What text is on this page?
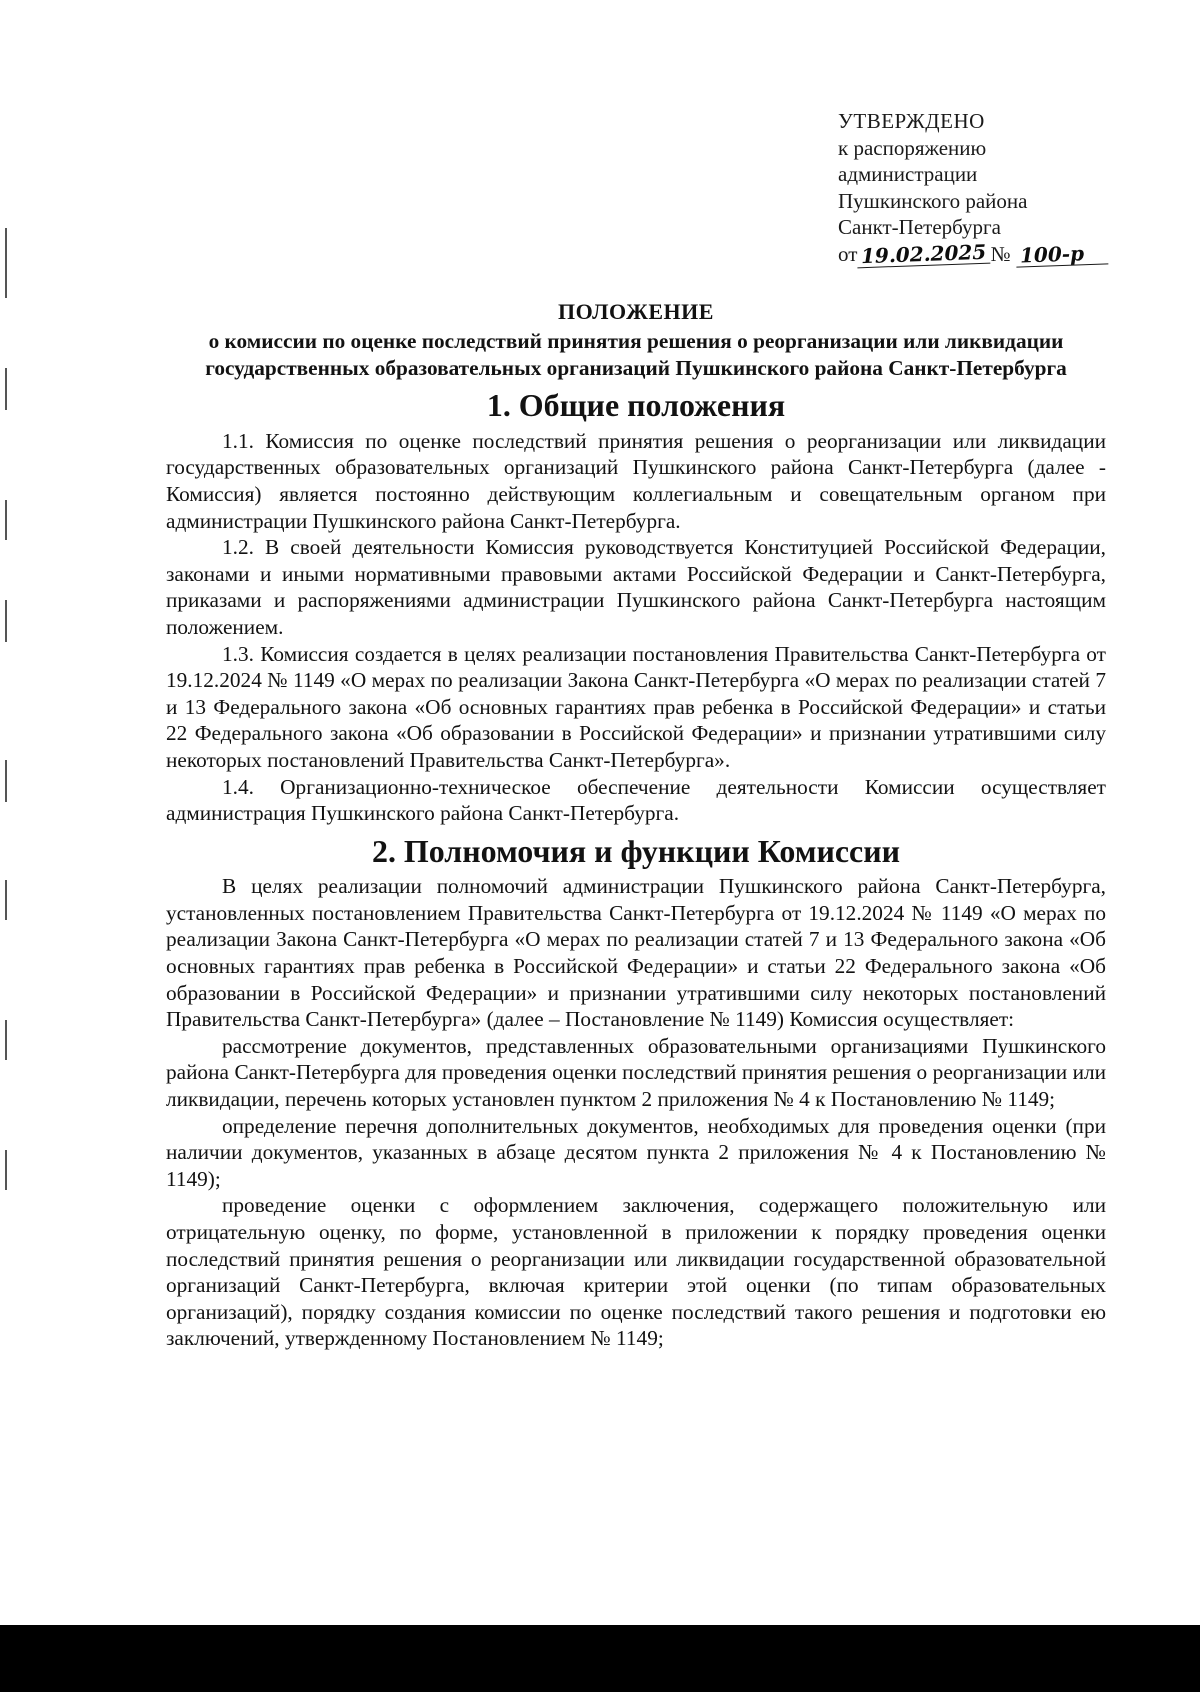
УТВЕРЖДЕНО
к распоряжению
администрации
Пушкинского района
Санкт-Петербурга
от 19.02.2025 № 100-р
ПОЛОЖЕНИЕ

о комиссии по оценке последствий принятия решения о реорганизации или ликвидации государственных образовательных организаций Пушкинского района Санкт-Петербурга

1. Общие положения

1.1. Комиссия по оценке последствий принятия решения о реорганизации или ликвидации государственных образовательных организаций Пушкинского района Санкт-Петербурга (далее - Комиссия) является постоянно действующим коллегиальным и совещательным органом при администрации Пушкинского района Санкт-Петербурга.

1.2. В своей деятельности Комиссия руководствуется Конституцией Российской Федерации, законами и иными нормативными правовыми актами Российской Федерации и Санкт-Петербурга, приказами и распоряжениями администрации Пушкинского района Санкт-Петербурга настоящим положением.

1.3. Комиссия создается в целях реализации постановления Правительства Санкт-Петербурга от 19.12.2024 № 1149 «О мерах по реализации Закона Санкт-Петербурга «О мерах по реализации статей 7 и 13 Федерального закона «Об основных гарантиях прав ребенка в Российской Федерации» и статьи 22 Федерального закона «Об образовании в Российской Федерации» и признании утратившими силу некоторых постановлений Правительства Санкт-Петербурга».

1.4. Организационно-техническое обеспечение деятельности Комиссии осуществляет администрация Пушкинского района Санкт-Петербурга.

2. Полномочия и функции Комиссии

В целях реализации полномочий администрации Пушкинского района Санкт-Петербурга, установленных постановлением Правительства Санкт-Петербурга от 19.12.2024 № 1149 «О мерах по реализации Закона Санкт-Петербурга «О мерах по реализации статей 7 и 13 Федерального закона «Об основных гарантиях прав ребенка в Российской Федерации» и статьи 22 Федерального закона «Об образовании в Российской Федерации» и признании утратившими силу некоторых постановлений Правительства Санкт-Петербурга» (далее – Постановление № 1149) Комиссия осуществляет:

рассмотрение документов, представленных образовательными организациями Пушкинского района Санкт-Петербурга для проведения оценки последствий принятия решения о реорганизации или ликвидации, перечень которых установлен пунктом 2 приложения № 4 к Постановлению № 1149;

определение перечня дополнительных документов, необходимых для проведения оценки (при наличии документов, указанных в абзаце десятом пункта 2 приложения № 4 к Постановлению № 1149);

проведение оценки с оформлением заключения, содержащего положительную или отрицательную оценку, по форме, установленной в приложении к порядку проведения оценки последствий принятия решения о реорганизации или ликвидации государственной образовательной организаций Санкт-Петербурга, включая критерии этой оценки (по типам образовательных организаций), порядку создания комиссии по оценке последствий такого решения и подготовки ею заключений, утвержденному Постановлением № 1149;
